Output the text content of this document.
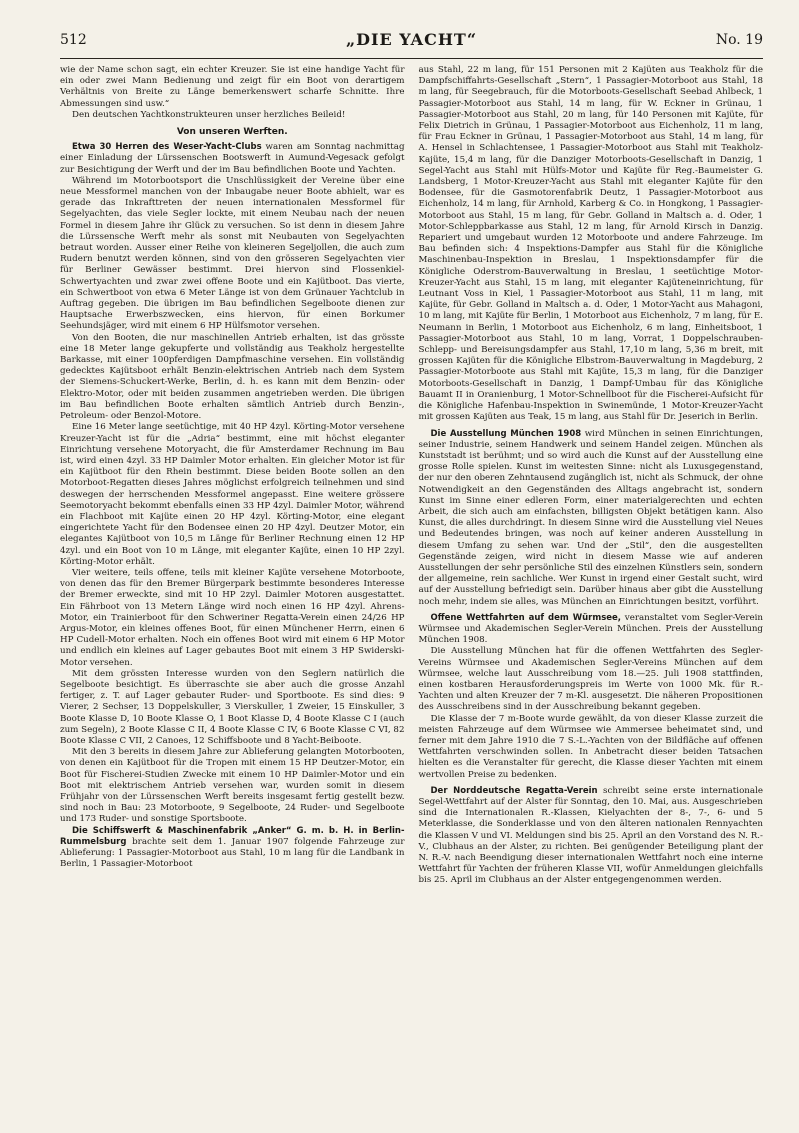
512	„DIE YACHT“	No. 19

wie der Name schon sagt, ein echter Kreuzer. Sie ist eine handige Yacht für ein oder zwei Mann Bedienung und zeigt für ein Boot von derartigem Verhältnis von Breite zu Länge bemerkenswert scharfe Schnitte. Ihre Abmessungen sind usw.“

Den deutschen Yachtkonstrukteuren unser herzliches Beileid!

Von unseren Werften.

Etwa 30 Herren des Weser-Yacht-Clubs waren am Sonntag nachmittag einer Einladung der Lürssenschen Bootswerft in Aumund-Vegesack gefolgt zur Besichtigung der Werft und der im Bau befindlichen Boote und Yachten.

Während im Motorbootsport die Unschlüssigkeit der Vereine über eine neue Messformel manchen von der Inbaugabe neuer Boote abhielt, war es gerade das Inkrafttreten der neuen internationalen Messformel für Segelyachten, das viele Segler lockte, mit einem Neubau nach der neuen Formel in diesem Jahre ihr Glück zu versuchen. So ist denn in diesem Jahre die Lürssensche Werft mehr als sonst mit Neubauten von Segelyachten betraut worden. Ausser einer Reihe von kleineren Segeljollen, die auch zum Rudern benutzt werden können, sind von den grösseren Segelyachten vier für Berliner Gewässer bestimmt. Drei hiervon sind Flossenkiel-Schwertyachten und zwar zwei offene Boote und ein Kajütboot. Das vierte, ein Schwertboot von etwa 6 Meter Länge ist von dem Grünauer Yachtclub in Auftrag gegeben. Die übrigen im Bau befindlichen Segelboote dienen zur Hauptsache Erwerbszwecken, eins hiervon, für einen Borkumer Seehundsjäger, wird mit einem 6 HP Hülfsmotor versehen.

Von den Booten, die nur maschinellen Antrieb erhalten, ist das grösste eine 18 Meter lange gekupferte und vollständig aus Teakholz hergestellte Barkasse, mit einer 100pferdigen Dampfmaschine versehen. Ein vollständig gedecktes Kajütsboot erhält Benzin-elektrischen Antrieb nach dem System der Siemens-Schuckert-Werke, Berlin, d. h. es kann mit dem Benzin- oder Elektro-Motor, oder mit beiden zusammen angetrieben werden. Die übrigen im Bau befindlichen Boote erhalten sämtlich Antrieb durch Benzin-, Petroleum- oder Benzol-Motore.

Eine 16 Meter lange seetüchtige, mit 40 HP 4zyl. Körting-Motor versehene Kreuzer-Yacht ist für die „Adria“ bestimmt, eine mit höchst eleganter Einrichtung versehene Motoryacht, die für Amsterdamer Rechnung im Bau ist, wird einen 4zyl. 33 HP Daimler Motor erhalten. Ein gleicher Motor ist für ein Kajütboot für den Rhein bestimmt. Diese beiden Boote sollen an den Motorboot-Regatten dieses Jahres möglichst erfolgreich teilnehmen und sind deswegen der herrschenden Messformel angepasst. Eine weitere grössere Seemotoryacht bekommt ebenfalls einen 33 HP 4zyl. Daimler Motor, während ein Flachboot mit Kajüte einen 20 HP 4zyl. Körting-Motor, eine elegant eingerichtete Yacht für den Bodensee einen 20 HP 4zyl. Deutzer Motor, ein elegantes Kajütboot von 10,5 m Länge für Berliner Rechnung einen 12 HP 4zyl. und ein Boot von 10 m Länge, mit eleganter Kajüte, einen 10 HP 2zyl. Körting-Motor erhält.

Vier weitere, teils offene, teils mit kleiner Kajüte versehene Motorboote, von denen das für den Bremer Bürgerpark bestimmte besonderes Interesse der Bremer erweckte, sind mit 10 HP 2zyl. Daimler Motoren ausgestattet. Ein Fährboot von 13 Metern Länge wird noch einen 16 HP 4zyl. Ahrens-Motor, ein Trainierboot für den Schweriner Regatta-Verein einen 24/26 HP Argus-Motor, ein kleines offenes Boot, für einen Münchener Herrn, einen 6 HP Cudell-Motor erhalten. Noch ein offenes Boot wird mit einem 6 HP Motor und endlich ein kleines auf Lager gebautes Boot mit einem 3 HP Swiderski-Motor versehen.

Mit dem grössten Interesse wurden von den Seglern natürlich die Segelboote besichtigt. Es überraschte sie aber auch die grosse Anzahl fertiger, z. T. auf Lager gebauter Ruder- und Sportboote. Es sind dies: 9 Vierer, 2 Sechser, 13 Doppelskuller, 3 Vierskuller, 1 Zweier, 15 Einskuller, 3 Boote Klasse D, 10 Boote Klasse O, 1 Boot Klasse D, 4 Boote Klasse C I (auch zum Segeln), 2 Boote Klasse C II, 4 Boote Klasse C IV, 6 Boote Klasse C VI, 82 Boote Klasse C VII, 2 Canoes, 12 Schiffsboote und 8 Yacht-Beiboote.

Mit den 3 bereits in diesem Jahre zur Ablieferung gelangten Motorbooten, von denen ein Kajütboot für die Tropen mit einem 15 HP Deutzer-Motor, ein Boot für Fischerei-Studien Zwecke mit einem 10 HP Daimler-Motor und ein Boot mit elektrischem Antrieb versehen war, wurden somit in diesem Frühjahr von der Lürssenschen Werft bereits insgesamt fertig gestellt bezw. sind noch in Bau: 23 Motorboote, 9 Segelboote, 24 Ruder- und Segelboote und 173 Ruder- und sonstige Sportsboote.

Die Schiffswerft & Maschinenfabrik „Anker“ G. m. b. H. in Berlin-Rummelsburg brachte seit dem 1. Januar 1907 folgende Fahrzeuge zur Ablieferung: 1 Passagier-Motorboot aus Stahl, 10 m lang für die Landbank in Berlin, 1 Passagier-Motorboot

aus Stahl, 22 m lang, für 151 Personen mit 2 Kajüten aus Teakholz für die Dampfschiffahrts-Gesellschaft „Stern“, 1 Passagier-Motorboot aus Stahl, 18 m lang, für Seegebrauch, für die Motorboots-Gesellschaft Seebad Ahlbeck, 1 Passagier-Motorboot aus Stahl, 14 m lang, für W. Eckner in Grünau, 1 Passagier-Motorboot aus Stahl, 20 m lang, für 140 Personen mit Kajüte, für Felix Dietrich in Grünau, 1 Passagier-Motorboot aus Eichenholz, 11 m lang, für Frau Eckner in Grünau, 1 Passagier-Motorboot aus Stahl, 14 m lang, für A. Hensel in Schlachtensee, 1 Passagier-Motorboot aus Stahl mit Teakholz-Kajüte, 15,4 m lang, für die Danziger Motorboots-Gesellschaft in Danzig, 1 Segel-Yacht aus Stahl mit Hülfs-Motor und Kajüte für Reg.-Baumeister G. Landsberg, 1 Motor-Kreuzer-Yacht aus Stahl mit eleganter Kajüte für den Bodensee, für die Gasmotorenfabrik Deutz, 1 Passagier-Motorboot aus Eichenholz, 14 m lang, für Arnhold, Karberg & Co. in Hongkong, 1 Passagier-Motorboot aus Stahl, 15 m lang, für Gebr. Golland in Maltsch a. d. Oder, 1 Motor-Schleppbarkasse aus Stahl, 12 m lang, für Arnold Kirsch in Danzig. Repariert und umgebaut wurden 12 Motorboote und andere Fahrzeuge. Im Bau befinden sich: 4 Inspektions-Dampfer aus Stahl für die Königliche Maschinenbau-Inspektion in Breslau, 1 Inspektionsdampfer für die Königliche Oderstrom-Bauverwaltung in Breslau, 1 seetüchtige Motor-Kreuzer-Yacht aus Stahl, 15 m lang, mit eleganter Kajüteneinrichtung, für Leutnant Voss in Kiel, 1 Passagier-Motorboot aus Stahl, 11 m lang, mit Kajüte, für Gebr. Golland in Maltsch a. d. Oder, 1 Motor-Yacht aus Mahagoni, 10 m lang, mit Kajüte für Berlin, 1 Motorboot aus Eichenholz, 7 m lang, für E. Neumann in Berlin, 1 Motorboot aus Eichenholz, 6 m lang, Einheitsboot, 1 Passagier-Motorboot aus Stahl, 10 m lang, Vorrat, 1 Doppelschrauben-Schlepp- und Bereisungsdampfer aus Stahl, 17,10 m lang, 5,36 m breit, mit grossen Kajüten für die Königliche Elbstrom-Bauverwaltung in Magdeburg, 2 Passagier-Motorboote aus Stahl mit Kajüte, 15,3 m lang, für die Danziger Motorboots-Gesellschaft in Danzig, 1 Dampf-Umbau für das Königliche Bauamt II in Oranienburg, 1 Motor-Schnellboot für die Fischerei-Aufsicht für die Königliche Hafenbau-Inspektion in Swinemünde, 1 Motor-Kreuzer-Yacht mit grossen Kajüten aus Teak, 15 m lang, aus Stahl für Dr. Jeserich in Berlin.

Die Ausstellung München 1908 wird München in seinen Einrichtungen, seiner Industrie, seinem Handwerk und seinem Handel zeigen. München als Kunststadt ist berühmt; und so wird auch die Kunst auf der Ausstellung eine grosse Rolle spielen. Kunst im weitesten Sinne: nicht als Luxusgegenstand, der nur den oberen Zehntausend zugänglich ist, nicht als Schmuck, der ohne Notwendigkeit an den Gegenständen des Alltags angebracht ist, sondern Kunst im Sinne einer edleren Form, einer materialgerechten und echten Arbeit, die sich auch am einfachsten, billigsten Objekt betätigen kann. Also Kunst, die alles durchdringt. In diesem Sinne wird die Ausstellung viel Neues und Bedeutendes bringen, was noch auf keiner anderen Ausstellung in diesem Umfang zu sehen war. Und der „Stil“, den die ausgestellten Gegenstände zeigen, wird nicht in diesem Masse wie auf anderen Ausstellungen der sehr persönliche Stil des einzelnen Künstlers sein, sondern der allgemeine, rein sachliche. Wer Kunst in irgend einer Gestalt sucht, wird auf der Ausstellung befriedigt sein. Darüber hinaus aber gibt die Ausstellung noch mehr, indem sie alles, was München an Einrichtungen besitzt, vorführt.

Offene Wettfahrten auf dem Würmsee, veranstaltet vom Segler-Verein Würmsee und Akademischen Segler-Verein München. Preis der Ausstellung München 1908.

Die Ausstellung München hat für die offenen Wettfahrten des Segler-Vereins Würmsee und Akademischen Segler-Vereins München auf dem Würmsee, welche laut Ausschreibung vom 18.—25. Juli 1908 stattfinden, einen kostbaren Herausforderungspreis im Werte von 1000 Mk. für R.-Yachten und alten Kreuzer der 7 m-Kl. ausgesetzt. Die näheren Propositionen des Ausschreibens sind in der Ausschreibung bekannt gegeben.

Die Klasse der 7 m-Boote wurde gewählt, da von dieser Klasse zurzeit die meisten Fahrzeuge auf dem Würmsee wie Ammersee beheimatet sind, und ferner mit dem Jahre 1910 die 7 S.-L.-Yachten von der Bildfläche auf offenen Wettfahrten verschwinden sollen. In Anbetracht dieser beiden Tatsachen hielten es die Veranstalter für gerecht, die Klasse dieser Yachten mit einem wertvollen Preise zu bedenken.

Der Norddeutsche Regatta-Verein schreibt seine erste internationale Segel-Wettfahrt auf der Alster für Sonntag, den 10. Mai, aus. Ausgeschrieben sind die Internationalen R.-Klassen, Kielyachten der 8-, 7-, 6- und 5 Meterklasse, die Sonderklasse und von den älteren nationalen Rennyachten die Klassen V und VI. Meldungen sind bis 25. April an den Vorstand des N. R.-V., Clubhaus an der Alster, zu richten. Bei genügender Beteiligung plant der N. R.-V. nach Beendigung dieser internationalen Wettfahrt noch eine interne Wettfahrt für Yachten der früheren Klasse VII, wofür Anmeldungen gleichfalls bis 25. April im Clubhaus an der Alster entgegengenommen werden.
